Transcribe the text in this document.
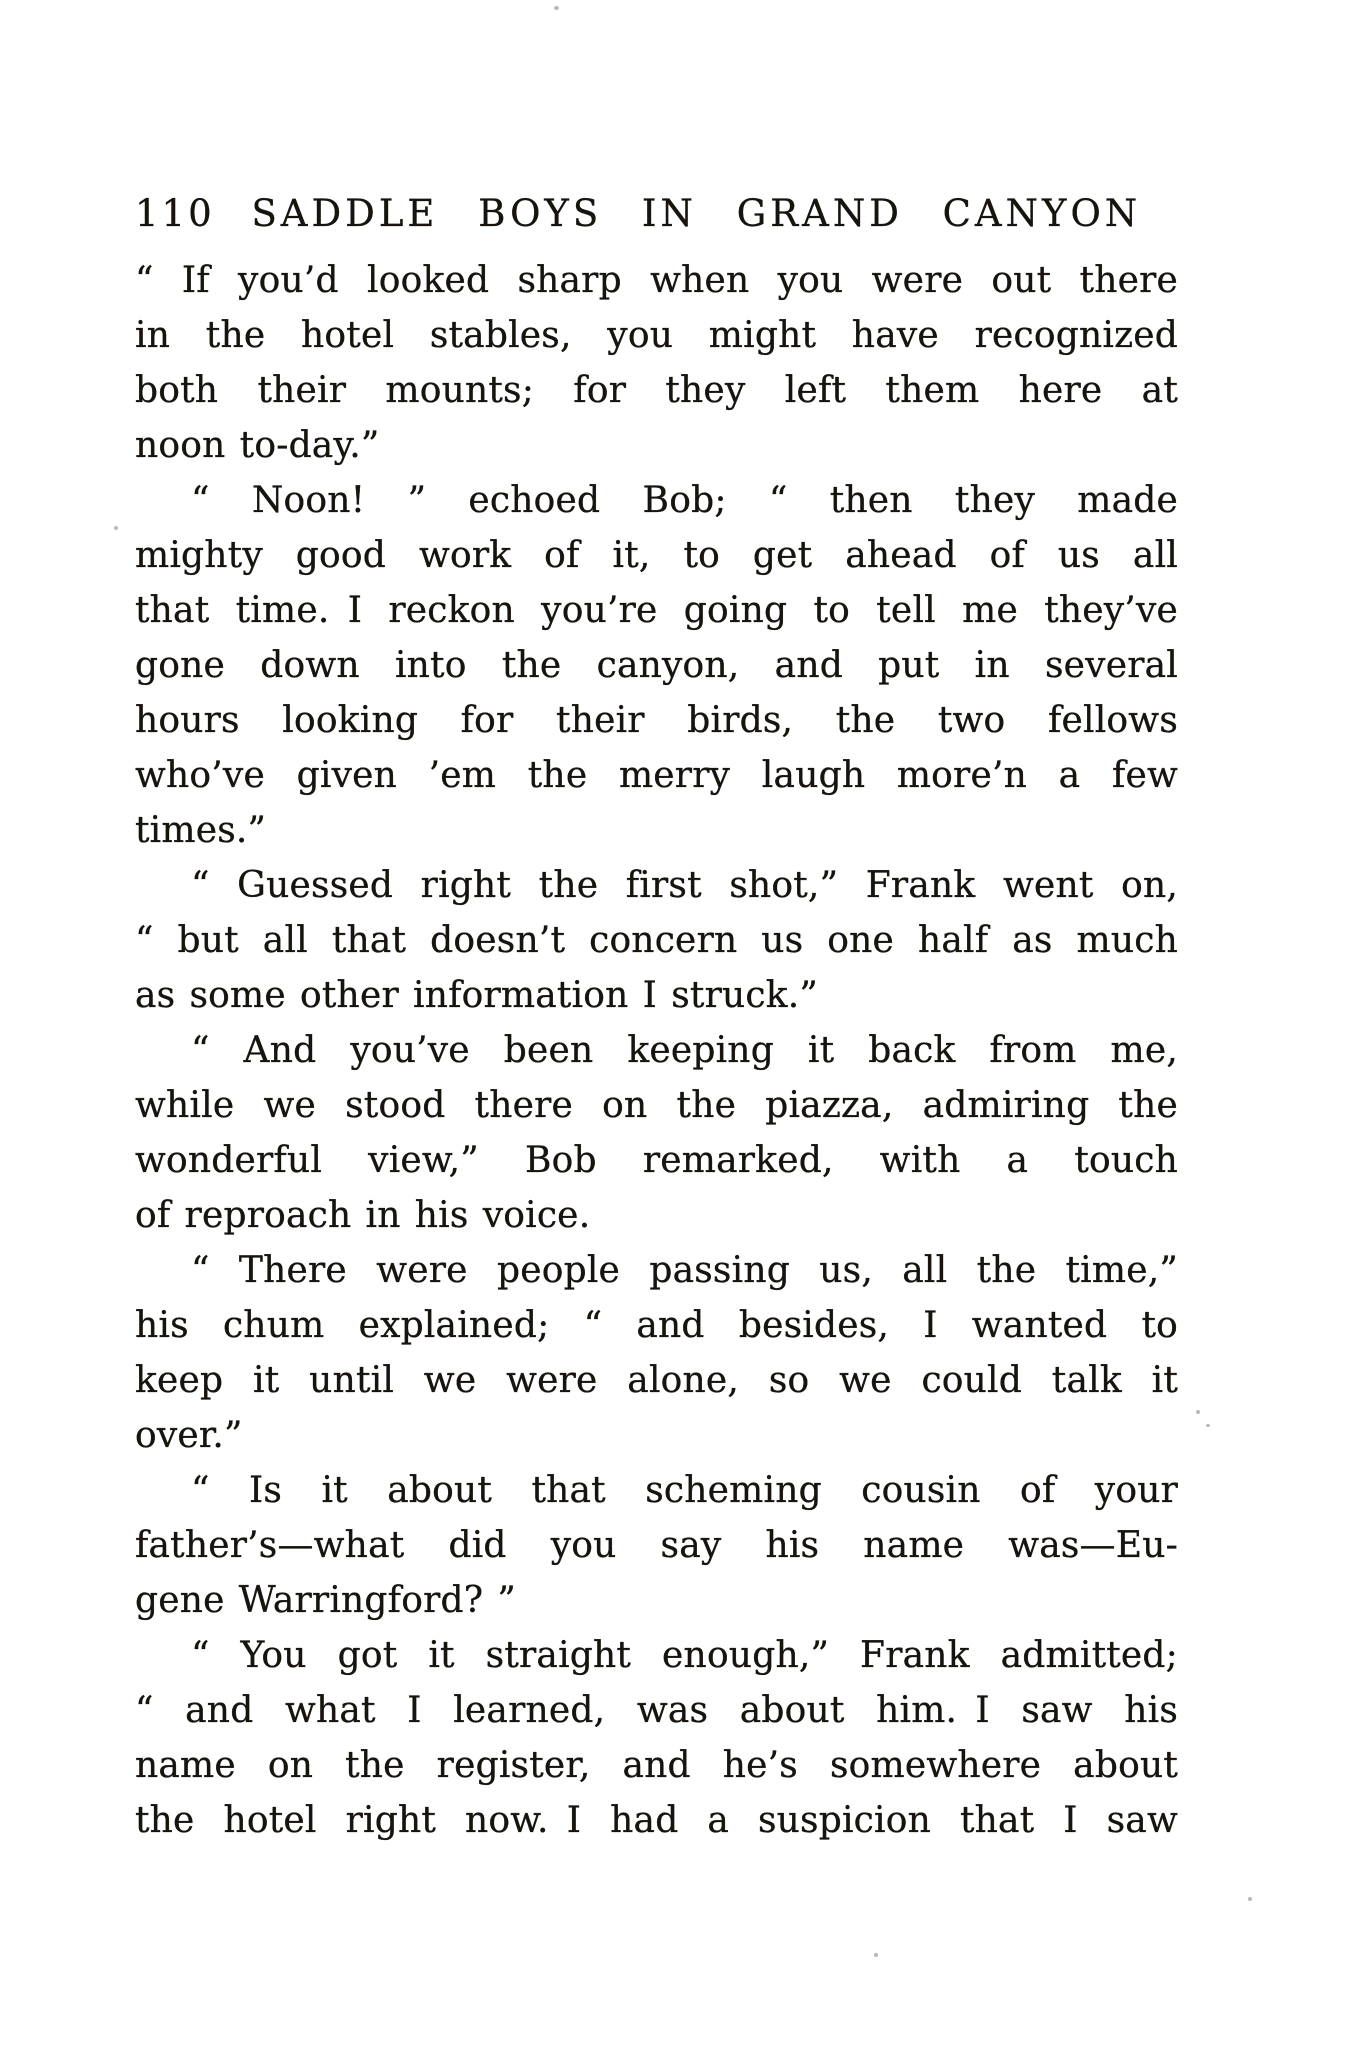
110 SADDLE BOYS IN GRAND CANYON
“ If you’d looked sharp when you were out there
in the hotel stables, you might have recognized
both their mounts; for they left them here at
noon to-day.”
“ Noon! ” echoed Bob; “ then they made
mighty good work of it, to get ahead of us all
that time. I reckon you’re going to tell me they’ve
gone down into the canyon, and put in several
hours looking for their birds, the two fellows
who’ve given ’em the merry laugh more’n a few
times.”
“ Guessed right the first shot,” Frank went on,
“ but all that doesn’t concern us one half as much
as some other information I struck.”
“ And you’ve been keeping it back from me,
while we stood there on the piazza, admiring the
wonderful view,” Bob remarked, with a touch
of reproach in his voice.
“ There were people passing us, all the time,”
his chum explained; “ and besides, I wanted to
keep it until we were alone, so we could talk it
over.”
“ Is it about that scheming cousin of your
father’s—what did you say his name was—Eu-
gene Warringford? ”
“ You got it straight enough,” Frank admitted;
“ and what I learned, was about him. I saw his
name on the register, and he’s somewhere about
the hotel right now. I had a suspicion that I saw
